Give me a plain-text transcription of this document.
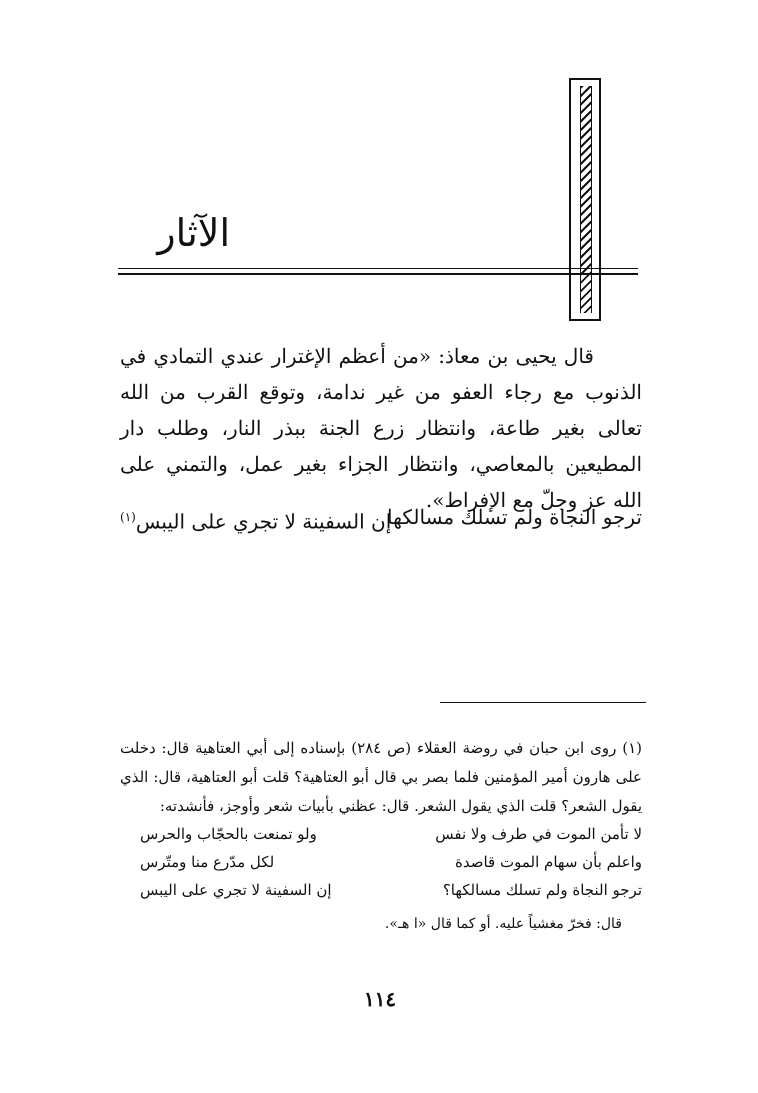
الآثار

قال يحيى بن معاذ: «من أعظم الإغترار عندي التمادي في الذنوب مع رجاء العفو من غير ندامة، وتوقع القرب من الله تعالى بغير طاعة، وانتظار زرع الجنة ببذر النار، وطلب دار المطيعين بالمعاصي، وانتظار الجزاء بغير عمل، والتمني على الله عز وجلّ مع الإفراط».

ترجو النجاة ولم تسلك مسالكها
إن السفينة لا تجري على اليبس$^{(١)}$

(١) روى ابن حبان في روضة العقلاء (ص ٢٨٤) بإسناده إلى أبي العتاهية قال: دخلت على هارون أمير المؤمنين فلما بصر بي قال أبو العتاهية؟ قلت أبو العتاهية، قال: الذي يقول الشعر؟ قلت الذي يقول الشعر. قال: عظني بأبيات شعر وأوجز، فأنشدته:

لا تأمن الموت في طرف ولا نفس
ولو تمنعت بالحجّاب والحرس
واعلم بأن سهام الموت قاصدة
لكل مدّرع منا ومتّرس
ترجو النجاة ولم تسلك مسالكها؟
إن السفينة لا تجري على اليبس
قال: فخرّ مغشياً عليه. أو كما قال «ا هـ».
١١٤
